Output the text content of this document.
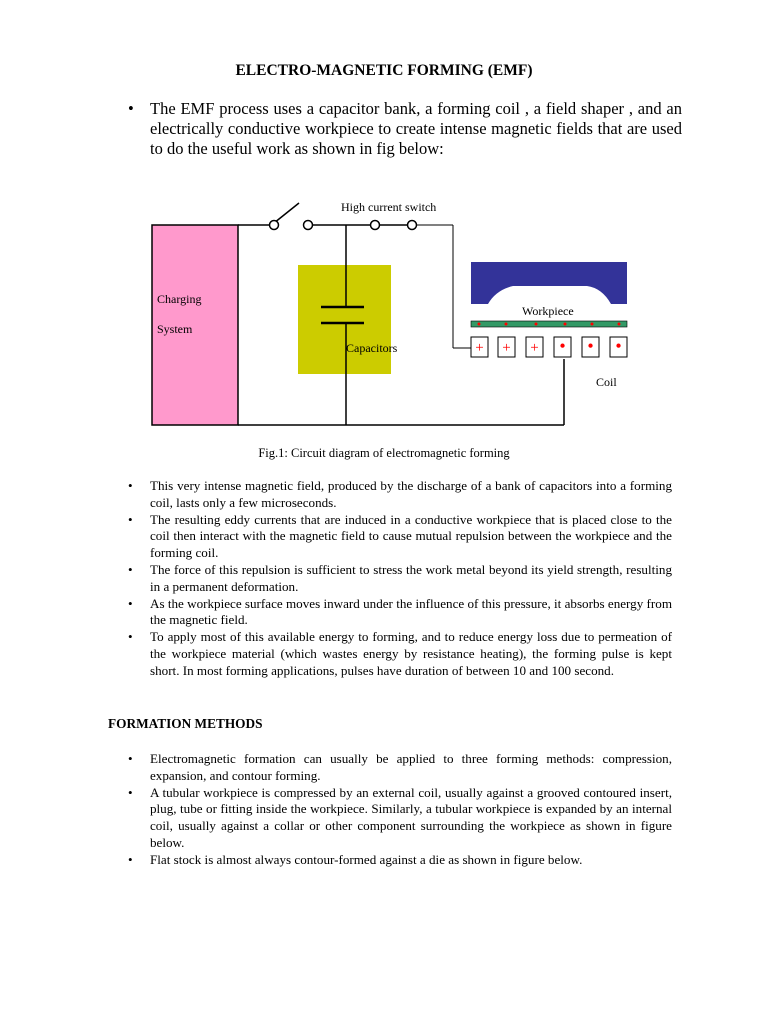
ELECTRO-MAGNETIC FORMING (EMF)
• The EMF process uses a capacitor bank, a forming coil , a field shaper , and an electrically conductive workpiece to create intense magnetic fields that are used to do the useful work as shown in fig below:
Charging
System
High current switch
Capacitors
Workpiece
+ + + • • •
Coil
Fig.1: Circuit diagram of electromagnetic forming
• This very intense magnetic field, produced by the discharge of a bank of capacitors into a forming coil, lasts only a few microseconds.
• The resulting eddy currents that are induced in a conductive workpiece that is placed close to the coil then interact with the magnetic field to cause mutual repulsion between the workpiece and the forming coil.
• The force of this repulsion is sufficient to stress the work metal beyond its yield strength, resulting in a permanent deformation.
• As the workpiece surface moves inward under the influence of this pressure, it absorbs energy from the magnetic field.
• To apply most of this available energy to forming, and to reduce energy loss due to permeation of the workpiece material (which wastes energy by resistance heating), the forming pulse is kept short. In most forming applications, pulses have duration of between 10 and 100 second.
FORMATION METHODS
• Electromagnetic formation can usually be applied to three forming methods: compression, expansion, and contour forming.
• A tubular workpiece is compressed by an external coil, usually against a grooved contoured insert, plug, tube or fitting inside the workpiece. Similarly, a tubular workpiece is expanded by an internal coil, usually against a collar or other component surrounding the workpiece as shown in figure below.
• Flat stock is almost always contour-formed against a die as shown in figure below.
